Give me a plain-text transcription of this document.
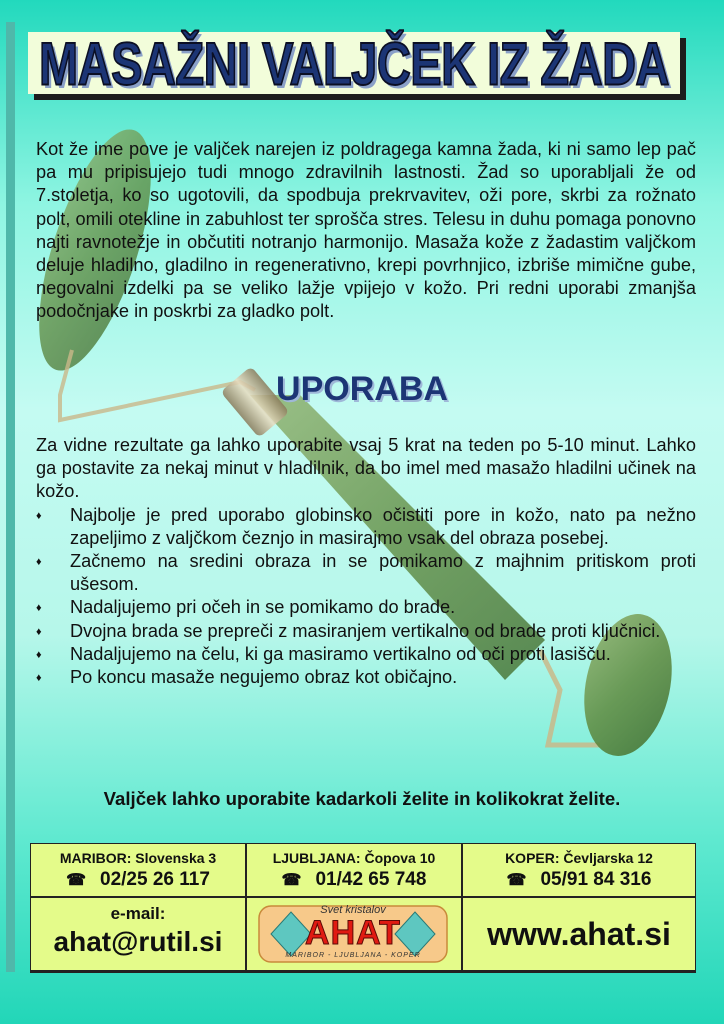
MASAŽNI VALJČEK IZ ŽADA
Kot že ime pove je valjček narejen iz poldragega kamna žada, ki ni samo lep pač pa mu pripisujejo tudi mnogo zdravilnih lastnosti. Žad so uporabljali že od 7.stoletja, ko so ugotovili, da spodbuja prekrvavitev, oži pore, skrbi za rožnato polt, omili otekline in zabuhlost ter sprošča stres. Telesu in duhu pomaga ponovno najti ravnotežje in občutiti notranjo harmonijo. Masaža kože z žadastim valjčkom deluje hladilno, gladilno in regenerativno, krepi povrhnjico, izbriše mimične gube, negovalni izdelki pa se veliko lažje vpijejo v kožo. Pri redni uporabi zmanjša podočnjake in poskrbi za gladko polt.
UPORABA
Za vidne rezultate ga lahko uporabite vsaj 5 krat na teden po 5-10 minut. Lahko ga postavite za nekaj minut v hladilnik, da bo imel med masažo hladilni učinek na kožo.
♦ Najbolje je pred uporabo globinsko očistiti pore in kožo, nato pa nežno zapeljimo z valjčkom čeznjo in masirajmo vsak del obraza posebej.
♦ Začnemo na sredini obraza in se pomikamo z majhnim pritiskom proti ušesom.
♦ Nadaljujemo pri očeh in se pomikamo do brade.
♦ Dvojna brada se prepreči z masiranjem vertikalno od brade proti ključnici.
♦ Nadaljujemo na čelu, ki ga masiramo vertikalno od oči proti lasišču.
♦ Po koncu masaže negujemo obraz kot običajno.
Valjček lahko uporabite kadarkoli želite in kolikokrat želite.
MARIBOR: Slovenska 3
☎ 02/25 26 117
LJUBLJANA: Čopova 10
☎ 01/42 65 748
KOPER: Čevljarska 12
☎ 05/91 84 316
e-mail:
ahat@rutil.si
Svet kristalov
AHAT
MARIBOR - LJUBLJANA - KOPER
www.ahat.si
